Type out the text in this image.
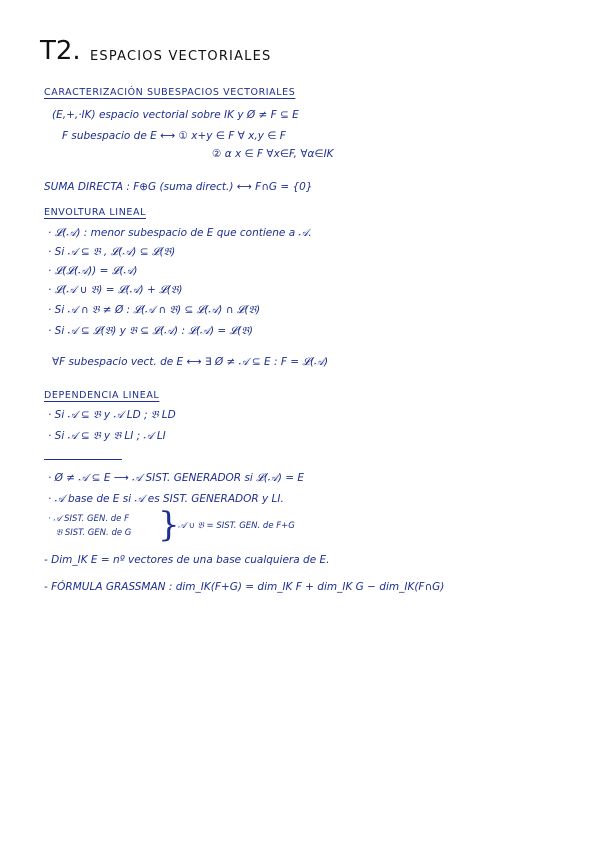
T2. ESPACIOS VECTORIALES
CARACTERIZACIÓN SUBESPACIOS VECTORIALES
(E,+,·IK) espacio vectorial sobre IK y Ø ≠ F ⊆ E
F subespacio de E ⟷ ① x+y ∈ F ∀ x,y ∈ F
② α x ∈ F ∀x∈F, ∀α∈IK
SUMA DIRECTA : F⊕G (suma direct.) ⟷ F∩G = {0}
ENVOLTURA LINEAL
· 𝓛(𝒜) : menor subespacio de E que contiene a 𝒜.
· Si 𝒜 ⊆ 𝔅 , 𝓛(𝒜) ⊆ 𝓛(𝔅)
· 𝓛(𝓛(𝒜)) = 𝓛(𝒜)
· 𝓛(𝒜 ∪ 𝔅) = 𝓛(𝒜) + 𝓛(𝔅)
· Si 𝒜 ∩ 𝔅 ≠ Ø : 𝓛(𝒜 ∩ 𝔅) ⊆ 𝓛(𝒜) ∩ 𝓛(𝔅)
· Si 𝒜 ⊆ 𝓛(𝔅) y 𝔅 ⊆ 𝓛(𝒜) : 𝓛(𝒜) = 𝓛(𝔅)
∀F subespacio vect. de E ⟷ ∃ Ø ≠ 𝒜 ⊆ E : F = 𝓛(𝒜)
DEPENDENCIA LINEAL
· Si 𝒜 ⊆ 𝔅 y 𝒜 LD ; 𝔅 LD
· Si 𝒜 ⊆ 𝔅 y 𝔅 LI ; 𝒜 LI
· Ø ≠ 𝒜 ⊆ E ⟶ 𝒜 SIST. GENERADOR si 𝓛(𝒜) = E
· 𝒜 base de E si 𝒜 es SIST. GENERADOR y LI.
· 𝒜 SIST. GEN. de F
𝔅 SIST. GEN. de G }
𝒜 ∪ 𝔅 = SIST. GEN. de F+G
- Dim_IK E = nº vectores de una base cualquiera de E.
- FÓRMULA GRASSMAN : dim_IK(F+G) = dim_IK F + dim_IK G − dim_IK(F∩G)
